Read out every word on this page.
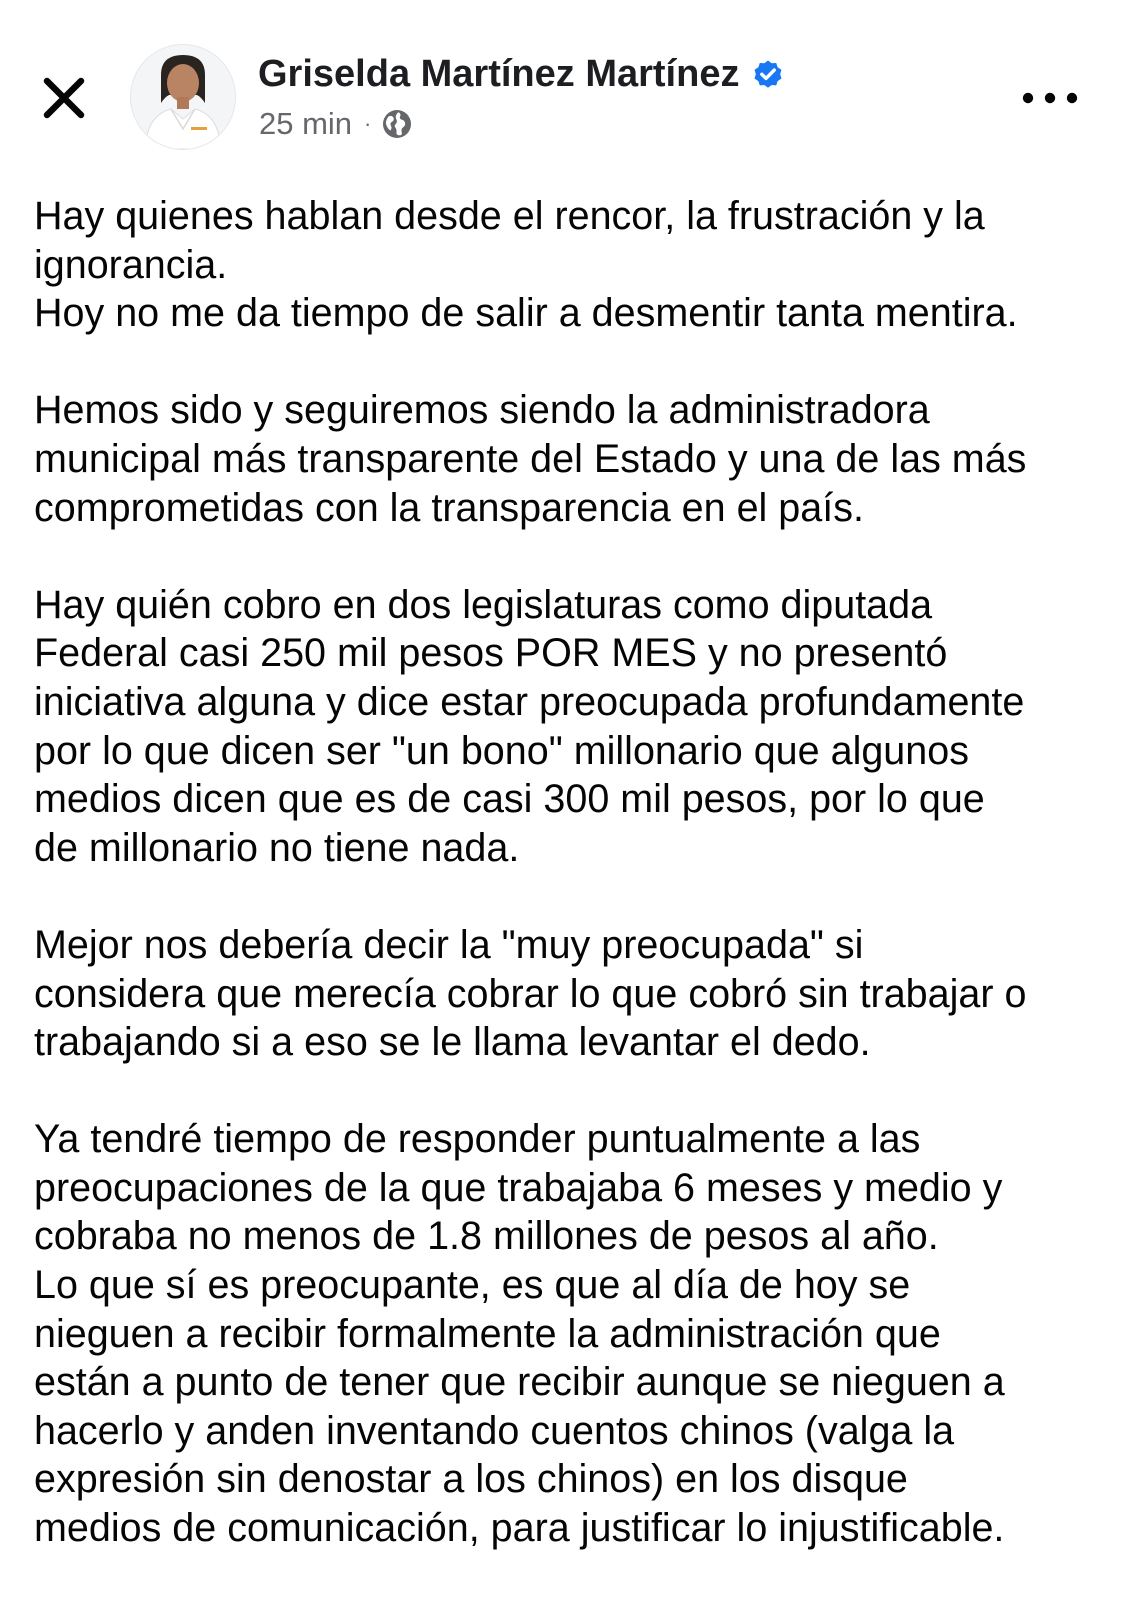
Griselda Martínez Martínez
25 min ·

Hay quienes hablan desde el rencor, la frustración y la
ignorancia.
Hoy no me da tiempo de salir a desmentir tanta mentira.

Hemos sido y seguiremos siendo la administradora
municipal más transparente del Estado y una de las más
comprometidas con la transparencia en el país.

Hay quién cobro en dos legislaturas como diputada
Federal casi 250 mil pesos POR MES y no presentó
iniciativa alguna y dice estar preocupada profundamente
por lo que dicen ser "un bono" millonario que algunos
medios dicen que es de casi 300 mil pesos, por lo que
de millonario no tiene nada.

Mejor nos debería decir la "muy preocupada" si
considera que merecía cobrar lo que cobró sin trabajar o
trabajando si a eso se le llama levantar el dedo.

Ya tendré tiempo de responder puntualmente a las
preocupaciones de la que trabajaba 6 meses y medio y
cobraba no menos de 1.8 millones de pesos al año.
Lo que sí es preocupante, es que al día de hoy se
nieguen a recibir formalmente la administración que
están a punto de tener que recibir aunque se nieguen a
hacerlo y anden inventando cuentos chinos (valga la
expresión sin denostar a los chinos) en los disque
medios de comunicación, para justificar lo injustificable.
